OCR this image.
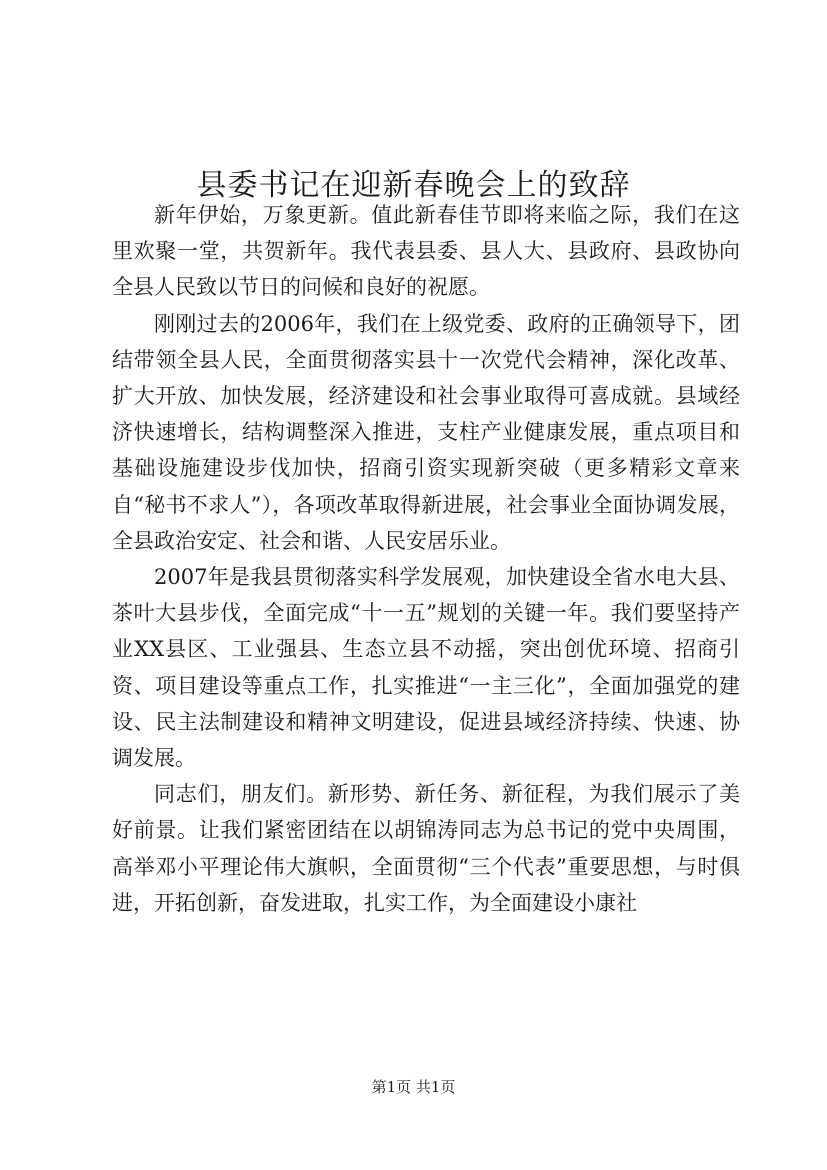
县委书记在迎新春晚会上的致辞

新年伊始，万象更新。值此新春佳节即将来临之际，我们在这里欢聚一堂，共贺新年。我代表县委、县人大、县政府、县政协向全县人民致以节日的问候和良好的祝愿。

刚刚过去的2006年，我们在上级党委、政府的正确领导下，团结带领全县人民，全面贯彻落实县十一次党代会精神，深化改革、扩大开放、加快发展，经济建设和社会事业取得可喜成就。县域经济快速增长，结构调整深入推进，支柱产业健康发展，重点项目和基础设施建设步伐加快，招商引资实现新突破（更多精彩文章来自“秘书不求人”），各项改革取得新进展，社会事业全面协调发展，全县政治安定、社会和谐、人民安居乐业。

2007年是我县贯彻落实科学发展观，加快建设全省水电大县、茶叶大县步伐，全面完成“十一五”规划的关键一年。我们要坚持产业XX县区、工业强县、生态立县不动摇，突出创优环境、招商引资、项目建设等重点工作，扎实推进“一主三化”，全面加强党的建设、民主法制建设和精神文明建设，促进县域经济持续、快速、协调发展。

同志们，朋友们。新形势、新任务、新征程，为我们展示了美好前景。让我们紧密团结在以胡锦涛同志为总书记的党中央周围，高举邓小平理论伟大旗帜，全面贯彻“三个代表”重要思想，与时俱进，开拓创新，奋发进取，扎实工作，为全面建设小康社

第1页 共1页
